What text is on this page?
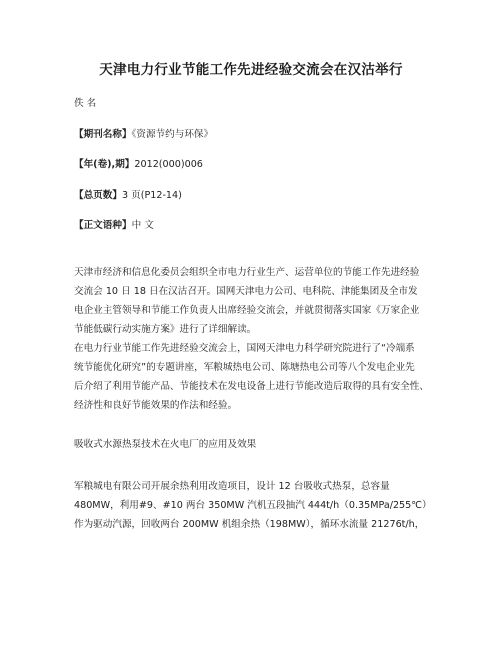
天津电力行业节能工作先进经验交流会在汉沽举行
佚 名
【期刊名称】《资源节约与环保》
【年(卷),期】2012(000)006
【总页数】3 页(P12-14)
【正文语种】中 文
天津市经济和信息化委员会组织全市电力行业生产、运营单位的节能工作先进经验
交流会 10 日 18 日在汉沽召开。国网天津电力公司、电科院、津能集团及全市发
电企业主管领导和节能工作负责人出席经验交流会，并就贯彻落实国家《万家企业
节能低碳行动实施方案》进行了详细解读。
在电力行业节能工作先进经验交流会上，国网天津电力科学研究院进行了“冷端系
统节能优化研究”的专题讲座，军粮城热电公司、陈塘热电公司等八个发电企业先
后介绍了利用节能产品、节能技术在发电设备上进行节能改造后取得的具有安全性、
经济性和良好节能效果的作法和经验。
吸收式水源热泵技术在火电厂的应用及效果
军粮城电有限公司开展余热利用改造项目，设计 12 台吸收式热泵，总容量
480MW，利用#9、#10 两台 350MW 汽机五段抽汽 444t/h（0.35MPa/255℃）
作为驱动汽源，回收两台 200MW 机组余热（198MW），循环水流量 21276t/h，
